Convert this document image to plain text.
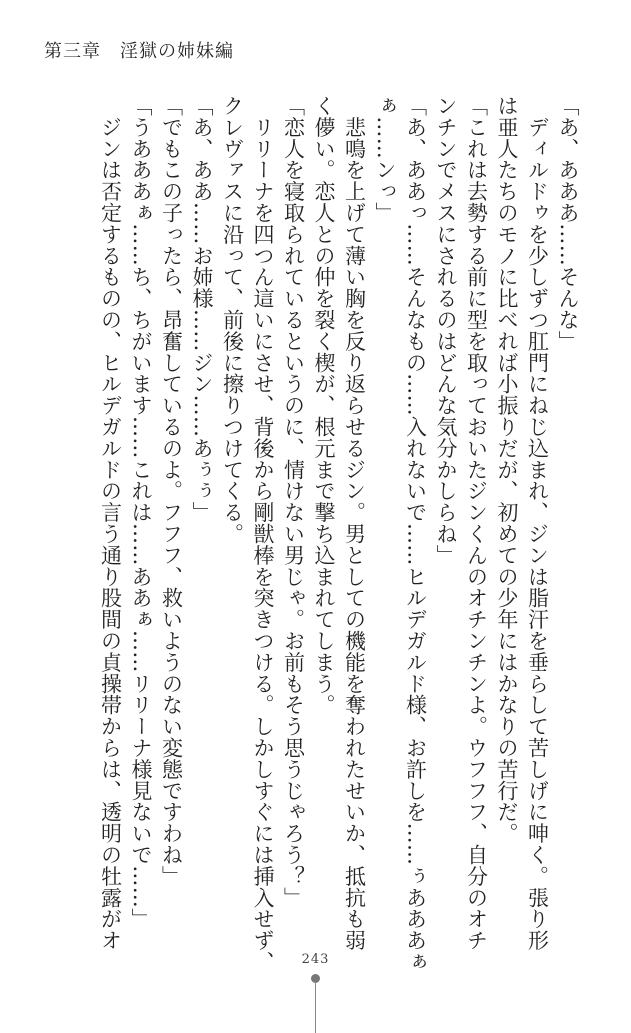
第三章　淫獄の姉妹編
「あ、あああ……そんな」
　ディルドゥを少しずつ肛門にねじ込まれ、ジンは脂汗を垂らして苦しげに呻く。張り形
は亜人たちのモノに比べれば小振りだが、初めての少年にはかなりの苦行だ。
「これは去勢する前に型を取っておいたジンくんのオチンチンよ。ウフフフ、自分のオチ
ンチンでメスにされるのはどんな気分かしらね」
「あ、ああっ……そんなもの……入れないで……ヒルデガルド様、お許しを……ぅあああぁ
ぁ……ンっ」
　悲鳴を上げて薄い胸を反り返らせるジン。男としての機能を奪われたせいか、抵抗も弱
く儚い。恋人との仲を裂く楔が、根元まで撃ち込まれてしまう。
「恋人を寝取られているというのに、情けない男じゃ。お前もそう思うじゃろう？」
　リリーナを四つん這いにさせ、背後から剛獣棒を突きつける。しかしすぐには挿入せず、
クレヴァスに沿って、前後に擦りつけてくる。
「あ、ああ……お姉様……ジン……あぅぅ」
「でもこの子ったら、昂奮しているのよ。フフフ、救いようのない変態ですわね」
「うあああぁ……ち、ちがいます……これは……ああぁ……リリーナ様見ないで……」
　ジンは否定するものの、ヒルデガルドの言う通り股間の貞操帯からは、透明の牡露がオ
243
